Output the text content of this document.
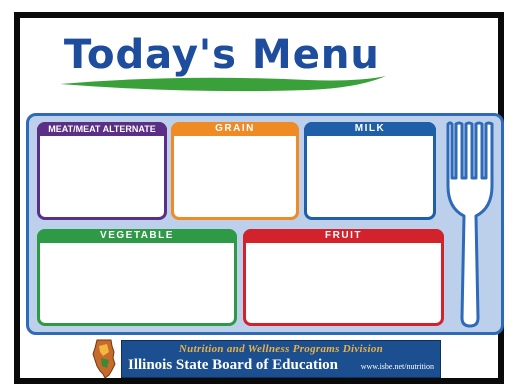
Today's Menu
MEAT/MEAT ALTERNATE	GRAIN	MILK
VEGETABLE	FRUIT
Nutrition and Wellness Programs Division
Illinois State Board of Education	www.isbe.net/nutrition
